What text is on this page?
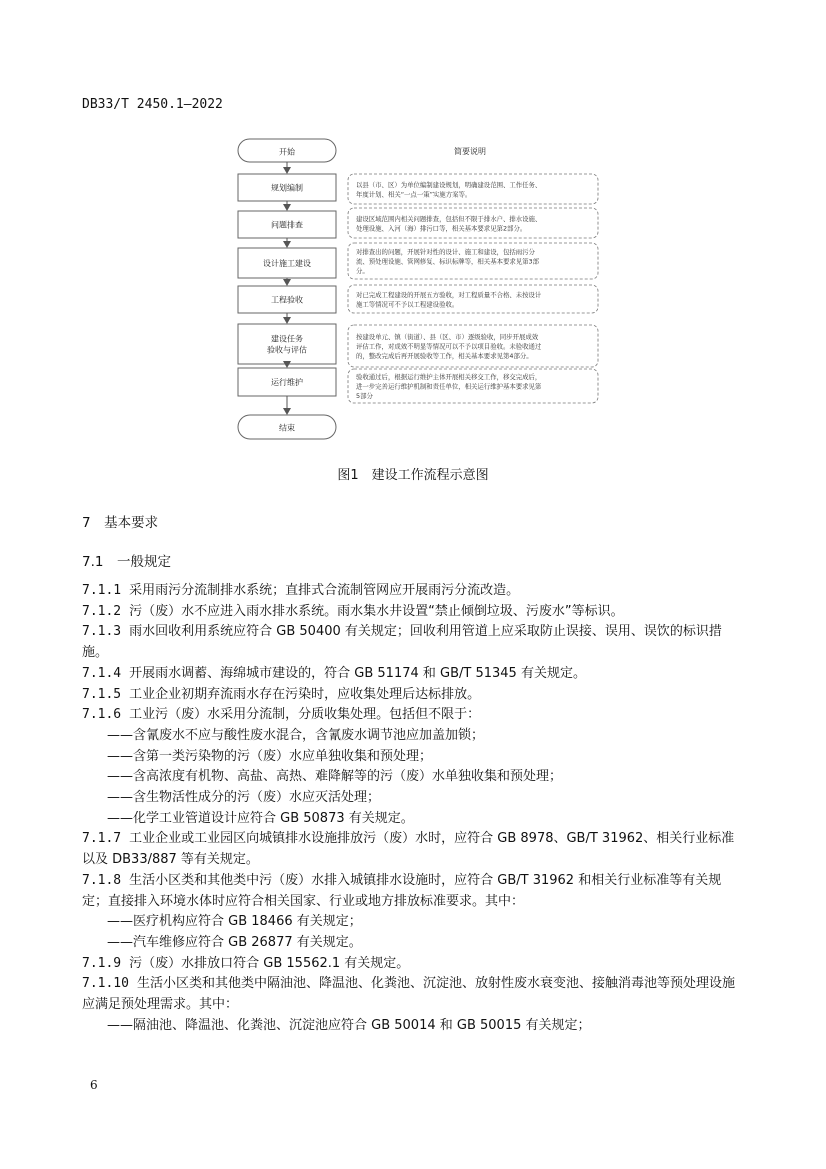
DB33/T 2450.1—2022
开始	简要说明
规划编制	以县（市、区）为单位编制建设规划，明确建设范围、工作任务、
年度计划、相关“一点一策”实施方案等。
问题排查
建设区域范围内相关问题排查，包括但不限于排水户、排水设施、
处理设施、入河（海）排污口等，相关基本要求见第2部分。
设计施工建设
对排查出的问题，开展针对性的设计、施工和建设，包括雨污分
流、预处理设施、管网修复、标识标牌等，相关基本要求见第3部
分。
工程验收
对已完成工程建设的开展五方验收，对工程质量不合格、未按设计
施工等情况可不予以工程建设验收。
建设任务
验收与评估
按建设单元、镇（街道）、县（区、市）逐级验收，同步开展成效
评估工作，对成效不明显等情况可以不予以项目验收。未验收通过
的，整改完成后再开展验收等工作，相关基本要求见第4部分。
运行维护
验收通过后，根据运行维护主体开展相关移交工作，移交完成后，
进一步完善运行维护机制和责任单位，相关运行维护基本要求见第
5部分
结束
图1　建设工作流程示意图
7　基本要求
7.1　一般规定

7.1.1 采用雨污分流制排水系统；直排式合流制管网应开展雨污分流改造。

7.1.2 污（废）水不应进入雨水排水系统。雨水集水井设置“禁止倾倒垃圾、污废水”等标识。

7.1.3 雨水回收利用系统应符合 GB 50400 有关规定；回收利用管道上应采取防止误接、误用、误饮的标识措施。

7.1.4 开展雨水调蓄、海绵城市建设的，符合 GB 51174 和 GB/T 51345 有关规定。

7.1.5 工业企业初期弃流雨水存在污染时，应收集处理后达标排放。

7.1.6 工业污（废）水采用分流制，分质收集处理。包括但不限于：

——含氰废水不应与酸性废水混合，含氰废水调节池应加盖加锁；

——含第一类污染物的污（废）水应单独收集和预处理；

——含高浓度有机物、高盐、高热、难降解等的污（废）水单独收集和预处理；

——含生物活性成分的污（废）水应灭活处理；

——化学工业管道设计应符合 GB 50873 有关规定。

7.1.7 工业企业或工业园区向城镇排水设施排放污（废）水时，应符合 GB 8978、GB/T 31962、相关行业标准以及 DB33/887 等有关规定。

7.1.8 生活小区类和其他类中污（废）水排入城镇排水设施时，应符合 GB/T 31962 和相关行业标准等有关规定；直接排入环境水体时应符合相关国家、行业或地方排放标准要求。其中：

——医疗机构应符合 GB 18466 有关规定；

——汽车维修应符合 GB 26877 有关规定。

7.1.9 污（废）水排放口符合 GB 15562.1 有关规定。

7.1.10 生活小区类和其他类中隔油池、降温池、化粪池、沉淀池、放射性废水衰变池、接触消毒池等预处理设施应满足预处理需求。其中：

——隔油池、降温池、化粪池、沉淀池应符合 GB 50014 和 GB 50015 有关规定；

6
